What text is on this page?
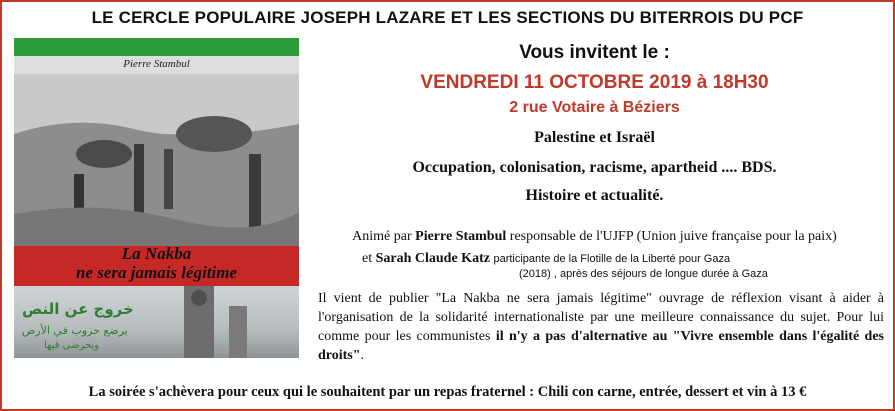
LE CERCLE POPULAIRE JOSEPH LAZARE ET LES SECTIONS DU BITERROIS DU PCF
Pierre Stambul
La Nakba
ne sera jamais légitime
خروج عن النص
يرضع حروب في الأرض
ويحرضى فيها
Vous invitent le :
VENDREDI 11 OCTOBRE 2019 à 18H30
2 rue Votaire à Béziers
Palestine et Israël
Occupation, colonisation, racisme, apartheid .... BDS.
Histoire et actualité.
Animé par Pierre Stambul responsable de l'UJFP (Union juive française pour la paix)
et Sarah Claude Katz participante de la Flotille de la Liberté pour Gaza
(2018) , après des séjours de longue durée à Gaza

Il vient de publier "La Nakba ne sera jamais légitime" ouvrage de réflexion visant à aider à l'organisation de la solidarité internationaliste par une meilleure connaissance du sujet. Pour lui comme pour les communistes il n'y a pas d'alternative au "Vivre ensemble dans l'égalité des droits".

La soirée s'achèvera pour ceux qui le souhaitent par un repas fraternel : Chili con carne, entrée, dessert et vin à 13 €
